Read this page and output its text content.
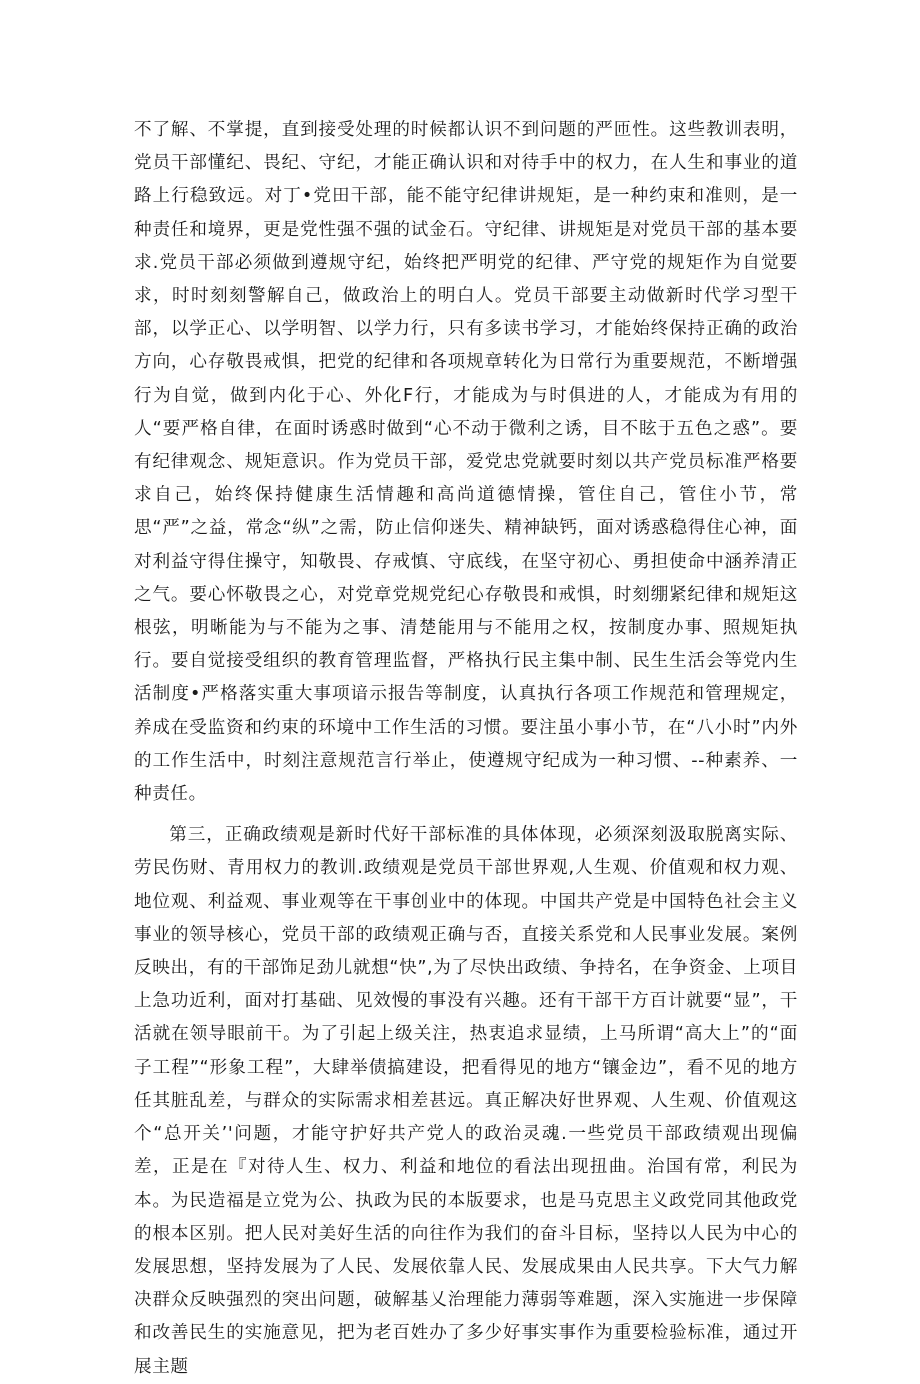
不了解、不掌提，直到接受处理的时候都认识不到问题的严匝性。这些教训表明，党员干部懂纪、畏纪、守纪，才能正确认识和对待手中的权力，在人生和事业的道路上行稳致远。对丁•党田干部，能不能守纪律讲规矩，是一种约束和准则，是一种责任和境界，更是党性强不强的试金石。守纪律、讲规矩是对党员干部的基本要求.党员干部必须做到遵规守纪，始终把严明党的纪律、严守党的规矩作为自觉要求，时时刻刻警解自己，做政治上的明白人。党员干部要主动做新时代学习型干部，以学正心、以学明智、以学力行，只有多读书学习，才能始终保持正确的政治方向，心存敬畏戒惧，把党的纪律和各项规章转化为日常行为重要规范，不断增强行为自觉，做到内化于心、外化F行，才能成为与时俱进的人，才能成为有用的人“要严格自律，在面时诱惑时做到“心不动于微利之诱，目不眩于五色之惑”。要有纪律观念、规矩意识。作为党员干部，爱党忠党就要时刻以共产党员标准严格要求自己，始终保持健康生活情趣和高尚道德情操，管住自己，管住小节，常思“严”之益，常念“纵”之需，防止信仰迷失、精神缺钙，面对诱惑稳得住心神，面对利益守得住操守，知敬畏、存戒慎、守底线，在坚守初心、勇担使命中涵养清正之气。要心怀敬畏之心，对党章党规党纪心存敬畏和戒惧，时刻绷紧纪律和规矩这根弦，明晰能为与不能为之事、清楚能用与不能用之权，按制度办事、照规矩执行。要自觉接受组织的教育管理监督，严格执行民主集中制、民生生活会等党内生活制度•严格落实重大事项谙示报告等制度，认真执行各项工作规范和管理规定，养成在受监资和约束的环境中工作生活的习惯。要注虽小事小节，在“八小时”内外的工作生活中，时刻注意规范言行举止，使遵规守纪成为一种习惯、--种素养、一种责任。

第三，正确政绩观是新时代好干部标准的具体体现，必须深刻汲取脱离实际、劳民伤财、青用权力的教训.政绩观是党员干部世界观,人生观、价值观和权力观、地位观、利益观、事业观等在干事创业中的体现。中国共产党是中国特色社会主义事业的领导核心，党员干部的政绩观正确与否，直接关系党和人民事业发展。案例反映出，有的干部饰足劲儿就想“快”,为了尽快出政绩、争持名，在争资金、上项目上急功近利，面对打基础、见效慢的事没有兴趣。还有干部干方百计就要“显”，干活就在领导眼前干。为了引起上级关注，热衷追求显绩，上马所谓“高大上”的“面子工程”“形象工程”，大肆举债搞建设，把看得见的地方“镶金边”，看不见的地方任其脏乱差，与群众的实际需求相差甚远。真正解决好世界观、人生观、价值观这个“总开关’'问题，才能守护好共产党人的政治灵魂.一些党员干部政绩观出现偏差，正是在『对待人生、权力、利益和地位的看法出现扭曲。治国有常，利民为本。为民造福是立党为公、执政为民的本版要求，也是马克思主义政党同其他政党的根本区别。把人民对美好生活的向往作为我们的奋斗目标，坚持以人民为中心的发展思想，坚持发展为了人民、发展依靠人民、发展成果由人民共享。下大气力解决群众反映强烈的突出问题，破解基乂治理能力薄弱等难题，深入实施进一步保障和改善民生的实施意见，把为老百姓办了多少好事实事作为重要检验标准，通过开展主题
